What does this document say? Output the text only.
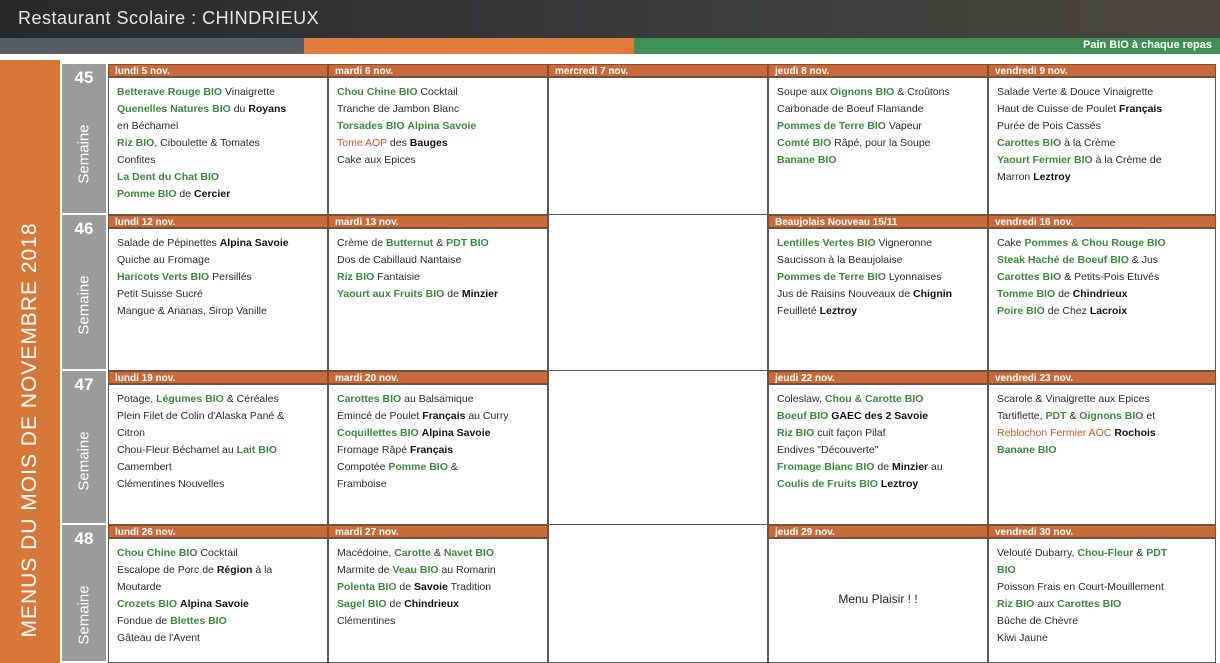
Restaurant Scolaire : CHINDRIEUX
Pain BIO à chaque repas
MENUS DU MOIS DE NOVEMBRE 2018
45
Semaine
lundi 5 nov.
Betterave Rouge BIO Vinaigrette
Quenelles Natures BIO du Royans
en Béchamel
Riz BIO, Ciboulette & Tomates
Confites
La Dent du Chat BIO
Pomme BIO de Cercier
mardi 6 nov.
Chou Chine BIO Cocktail
Tranche de Jambon Blanc
Torsades BIO Alpina Savoie
Tome AOP des Bauges
Cake aux Epices
mercredi 7 nov.	jeudi 8 nov.
Soupe aux Oignons BIO & Croûtons
Carbonade de Boeuf Flamande
Pommes de Terre BIO Vapeur
Comté BIO Râpé, pour la Soupe
Banane BIO
vendredi 9 nov.
Salade Verte & Douce Vinaigrette
Haut de Cuisse de Poulet Français
Purée de Pois Cassés
Carottes BIO à la Crème
Yaourt Fermier BIO à la Crème de
Marron Leztroy
46
Semaine
lundi 12 nov.
Salade de Pépinettes Alpina Savoie
Quiche au Fromage
Haricots Verts BIO Persillés
Petit Suisse Sucré
Mangue & Ananas, Sirop Vanille
mardi 13 nov.
Crème de Butternut & PDT BIO
Dos de Cabillaud Nantaise
Riz BIO Fantaisie
Yaourt aux Fruits BIO de Minzier
Beaujolais Nouveau 15/11
Lentilles Vertes BIO Vigneronne
Saucisson à la Beaujolaise
Pommes de Terre BIO Lyonnaises
Jus de Raisins Nouveaux de Chignin
Feuilleté Leztroy
vendredi 16 nov.
Cake Pommes & Chou Rouge BIO
Steak Haché de Boeuf BIO & Jus
Carottes BIO & Petits-Pois Etuvés
Tomme BIO de Chindrieux
Poire BIO de Chez Lacroix
47
Semaine
lundi 19 nov.
Potage, Légumes BIO & Céréales
Plein Filet de Colin d'Alaska Pané &
Citron
Chou-Fleur Béchamel au Lait BIO
Camembert
Clémentines Nouvelles
mardi 20 nov.
Carottes BIO au Balsamique
Émincé de Poulet Français au Curry
Coquillettes BIO Alpina Savoie
Fromage Râpé Français
Compotée Pomme BIO &
Framboise
jeudi 22 nov.
Coleslaw, Chou & Carotte BIO
Boeuf BIO GAEC des 2 Savoie
Riz BIO cuit façon Pilaf
Endives "Découverte"
Fromage Blanc BIO de Minzier au
Coulis de Fruits BIO Leztroy
vendredi 23 nov.
Scarole & Vinaigrette aux Epices
Tartiflette, PDT & Oignons BIO et
Reblochon Fermier AOC Rochois
Banane BIO
48
Semaine
lundi 26 nov.
Chou Chine BIO Cocktail
Escalope de Porc de Région à la
Moutarde
Crozets BIO Alpina Savoie
Fondue de Blettes BIO
Gâteau de l'Avent
mardi 27 nov.
Macédoine, Carotte & Navet BIO
Marmite de Veau BIO au Romarin
Polenta BIO de Savoie Tradition
Sagel BIO de Chindrieux
Clémentines
jeudi 29 nov.
Menu Plaisir ! !
vendredi 30 nov.
Velouté Dubarry, Chou-Fleur & PDT
BIO
Poisson Frais en Court-Mouillement
Riz BIO aux Carottes BIO
Bûche de Chèvre
Kiwi Jaune
